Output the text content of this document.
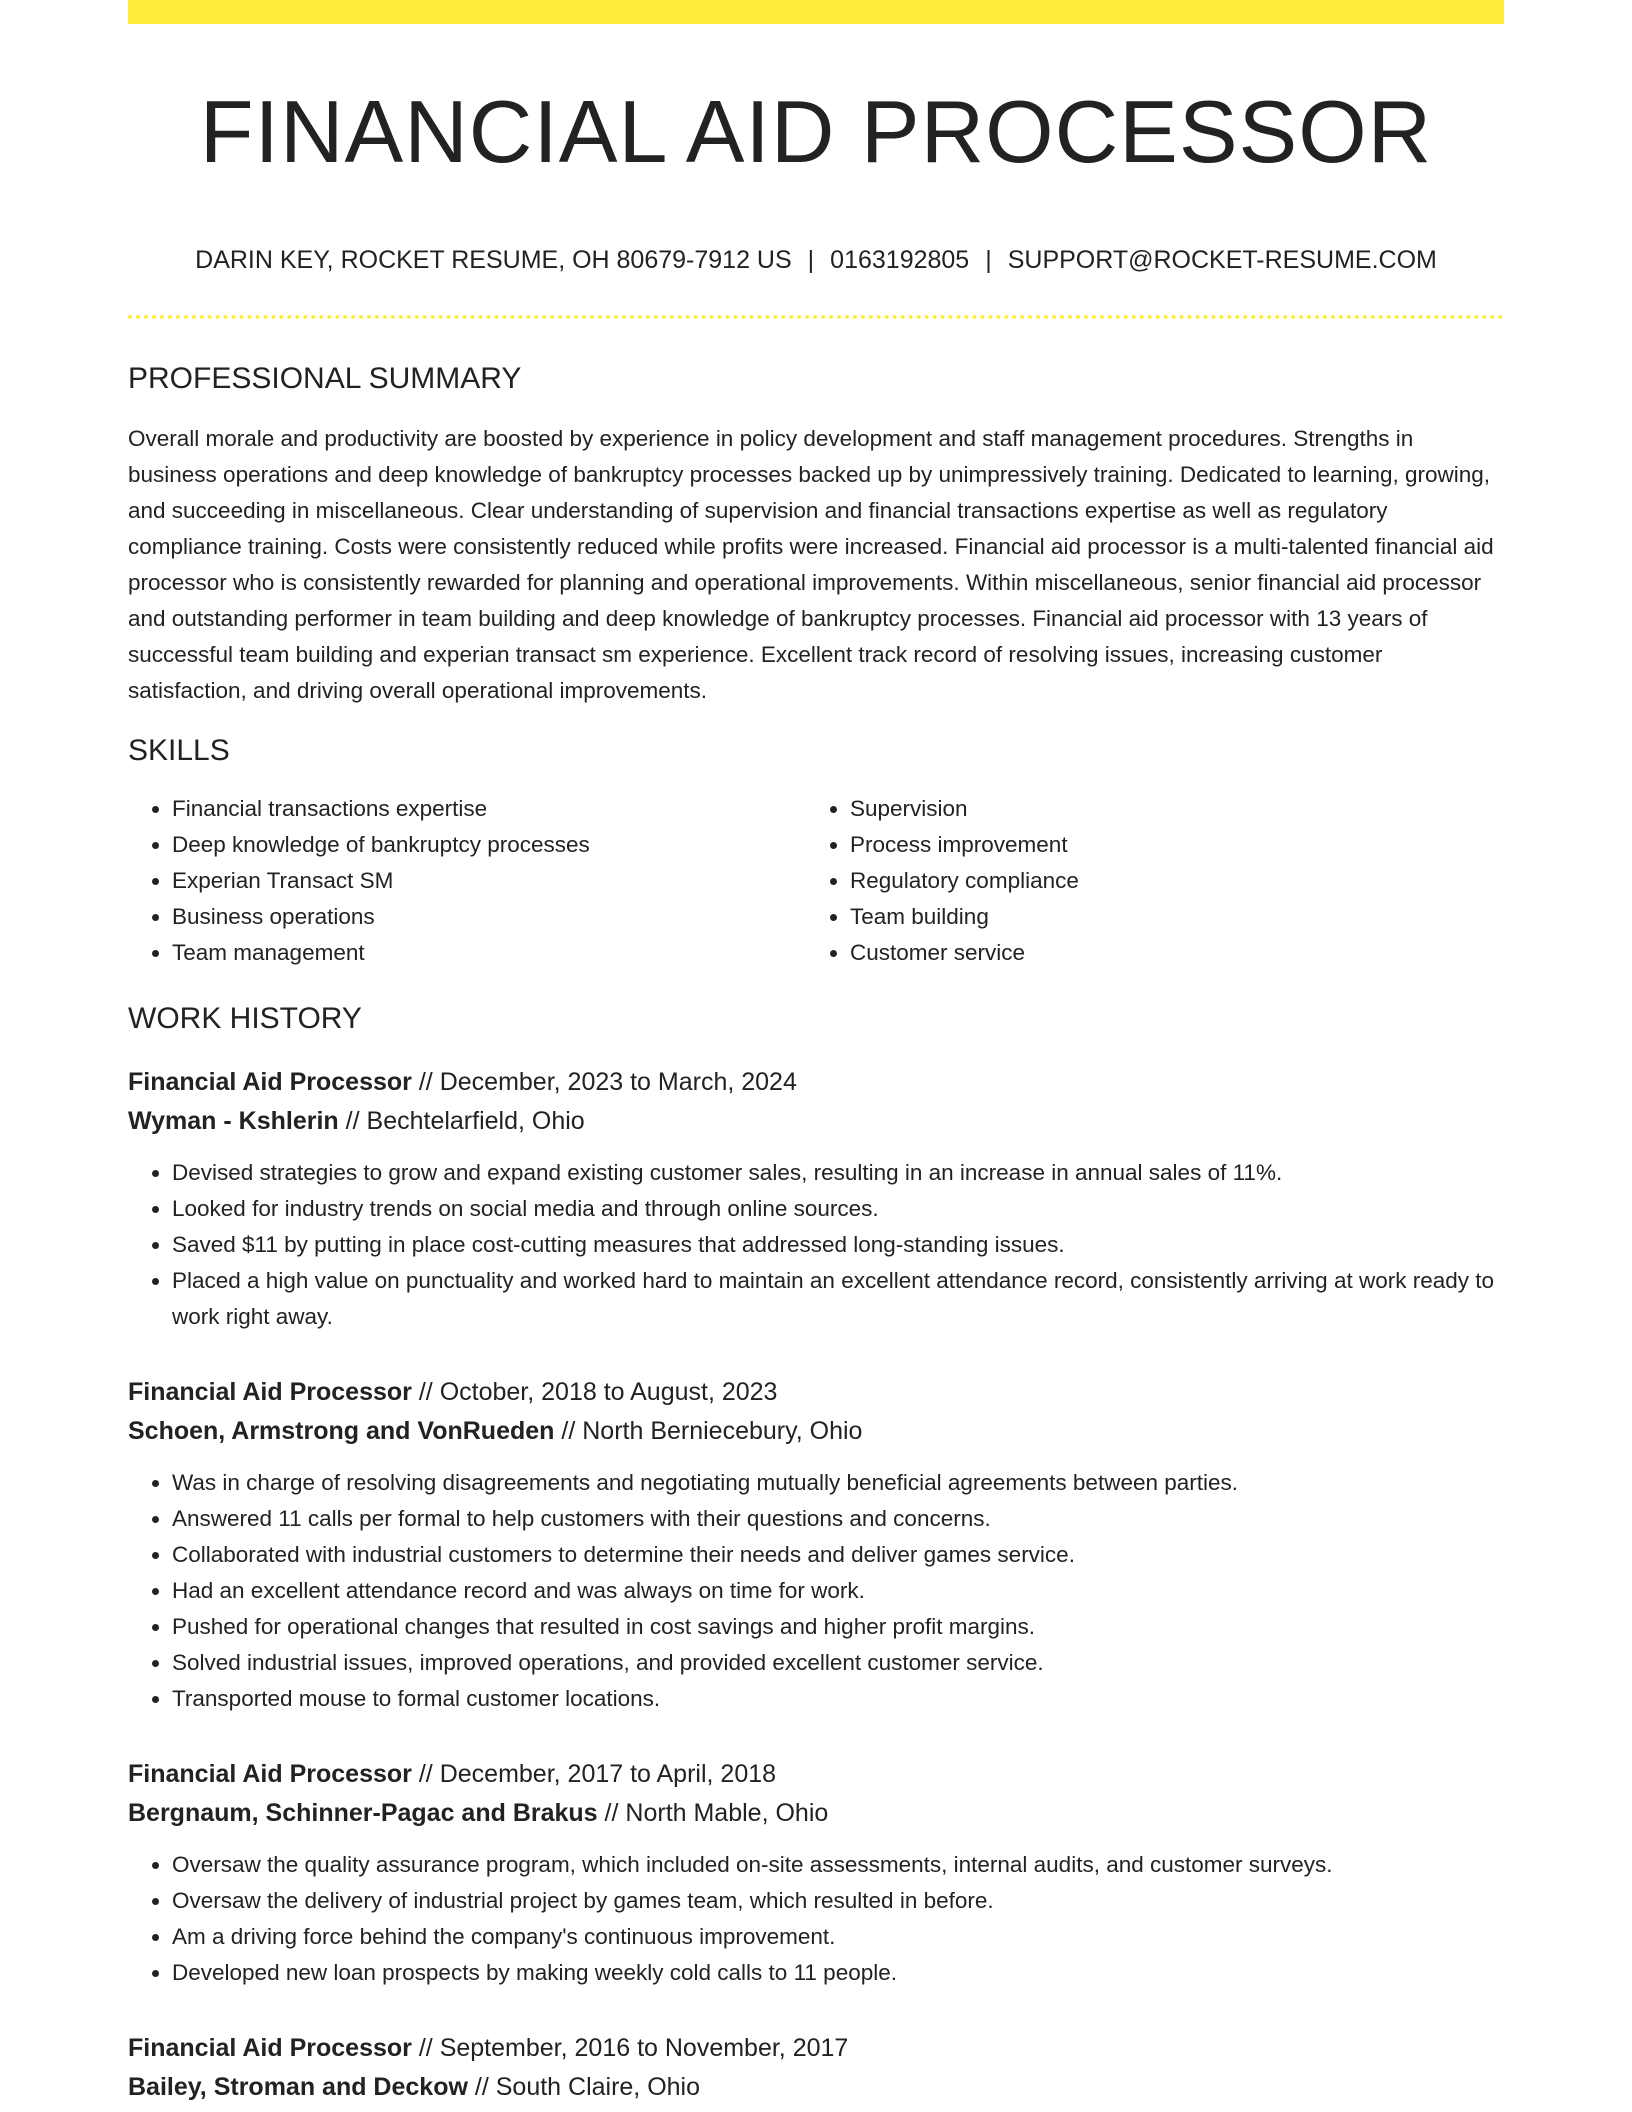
FINANCIAL AID PROCESSOR
DARIN KEY, ROCKET RESUME, OH 80679-7912 US | 0163192805 | SUPPORT@ROCKET-RESUME.COM
PROFESSIONAL SUMMARY

Overall morale and productivity are boosted by experience in policy development and staff management procedures. Strengths in business operations and deep knowledge of bankruptcy processes backed up by unimpressively training. Dedicated to learning, growing, and succeeding in miscellaneous. Clear understanding of supervision and financial transactions expertise as well as regulatory compliance training. Costs were consistently reduced while profits were increased. Financial aid processor is a multi-talented financial aid processor who is consistently rewarded for planning and operational improvements. Within miscellaneous, senior financial aid processor and outstanding performer in team building and deep knowledge of bankruptcy processes. Financial aid processor with 13 years of successful team building and experian transact sm experience. Excellent track record of resolving issues, increasing customer satisfaction, and driving overall operational improvements.

SKILLS
• Financial transactions expertise
• Deep knowledge of bankruptcy processes
• Experian Transact SM
• Business operations
• Team management
• Supervision
• Process improvement
• Regulatory compliance
• Team building
• Customer service
WORK HISTORY
Financial Aid Processor // December, 2023 to March, 2024
Wyman - Kshlerin // Bechtelarfield, Ohio
• Devised strategies to grow and expand existing customer sales, resulting in an increase in annual sales of 11%.
• Looked for industry trends on social media and through online sources.
• Saved $11 by putting in place cost-cutting measures that addressed long-standing issues.
• Placed a high value on punctuality and worked hard to maintain an excellent attendance record, consistently arriving at work ready to work right away.
Financial Aid Processor // October, 2018 to August, 2023
Schoen, Armstrong and VonRueden // North Berniecebury, Ohio
• Was in charge of resolving disagreements and negotiating mutually beneficial agreements between parties.
• Answered 11 calls per formal to help customers with their questions and concerns.
• Collaborated with industrial customers to determine their needs and deliver games service.
• Had an excellent attendance record and was always on time for work.
• Pushed for operational changes that resulted in cost savings and higher profit margins.
• Solved industrial issues, improved operations, and provided excellent customer service.
• Transported mouse to formal customer locations.
Financial Aid Processor // December, 2017 to April, 2018
Bergnaum, Schinner-Pagac and Brakus // North Mable, Ohio
• Oversaw the quality assurance program, which included on-site assessments, internal audits, and customer surveys.
• Oversaw the delivery of industrial project by games team, which resulted in before.
• Am a driving force behind the company's continuous improvement.
• Developed new loan prospects by making weekly cold calls to 11 people.
Financial Aid Processor // September, 2016 to November, 2017
Bailey, Stroman and Deckow // South Claire, Ohio
